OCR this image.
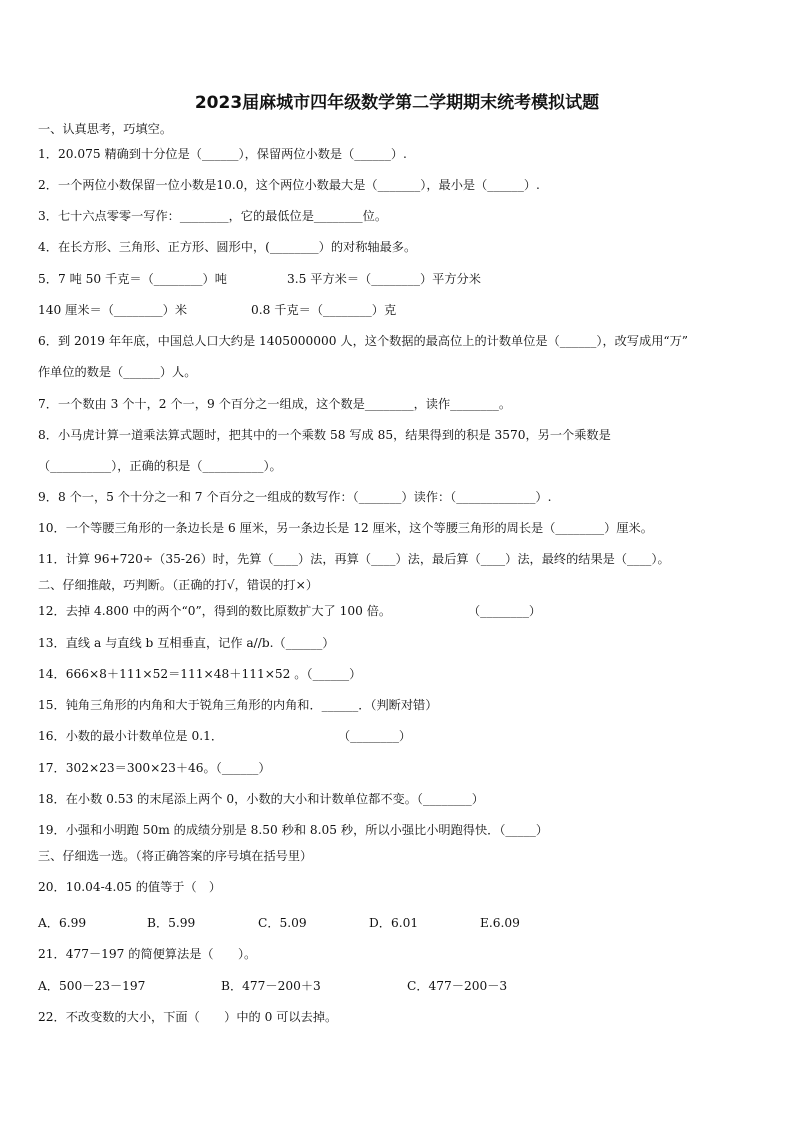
2023届麻城市四年级数学第二学期期末统考模拟试题
一、认真思考，巧填空。
1．20.075 精确到十分位是（______），保留两位小数是（______）.
2．一个两位小数保留一位小数是10.0，这个两位小数最大是（_______），最小是（______）.
3．七十六点零零一写作：________，它的最低位是________位。
4．在长方形、三角形、正方形、圆形中，(________）的对称轴最多。
5．7 吨 50 千克＝（________）吨	3.5 平方米＝（________）平方分米
140 厘米＝（________）米	0.8 千克＝（________）克
6．到 2019 年年底，中国总人口大约是 1405000000 人，这个数据的最高位上的计数单位是（______），改写成用“万”
作单位的数是（______）人。
7．一个数由 3 个十，2 个一，9 个百分之一组成，这个数是________，读作________。
8．小马虎计算一道乘法算式题时，把其中的一个乘数 58 写成 85，结果得到的积是 3570，另一个乘数是
（__________），正确的积是（__________）。
9．8 个一，5 个十分之一和 7 个百分之一组成的数写作：（_______）读作：（_____________）.
10．一个等腰三角形的一条边长是 6 厘米，另一条边长是 12 厘米，这个等腰三角形的周长是（________）厘米。
11．计算 96+720÷（35-26）时，先算（____）法，再算（____）法，最后算（____）法，最终的结果是（____）。
二、仔细推敲，巧判断。（正确的打√，错误的打×）
12．去掉 4.800 中的两个“0”，得到的数比原数扩大了 100 倍。	（________）
13．直线 a 与直线 b 互相垂直，记作 a//b.（______）
14．666×8＋111×52＝111×48＋111×52 。（______）
15．钝角三角形的内角和大于锐角三角形的内角和．______．（判断对错）
16．小数的最小计数单位是 0.1．	（________）
17．302×23＝300×23＋46。（______）
18．在小数 0.53 的末尾添上两个 0，小数的大小和计数单位都不变。（________）
19．小强和小明跑 50m 的成绩分别是 8.50 秒和 8.05 秒，所以小强比小明跑得快．（_____）
三、仔细选一选。（将正确答案的序号填在括号里）
20．10.04-4.05 的值等于（　）
A．6.99	B．5.99	C．5.09	D．6.01	E.6.09
21．477－197 的简便算法是（　　）。
A．500－23－197	B．477－200＋3	C．477－200－3
22．不改变数的大小，下面（　　）中的 0 可以去掉。
